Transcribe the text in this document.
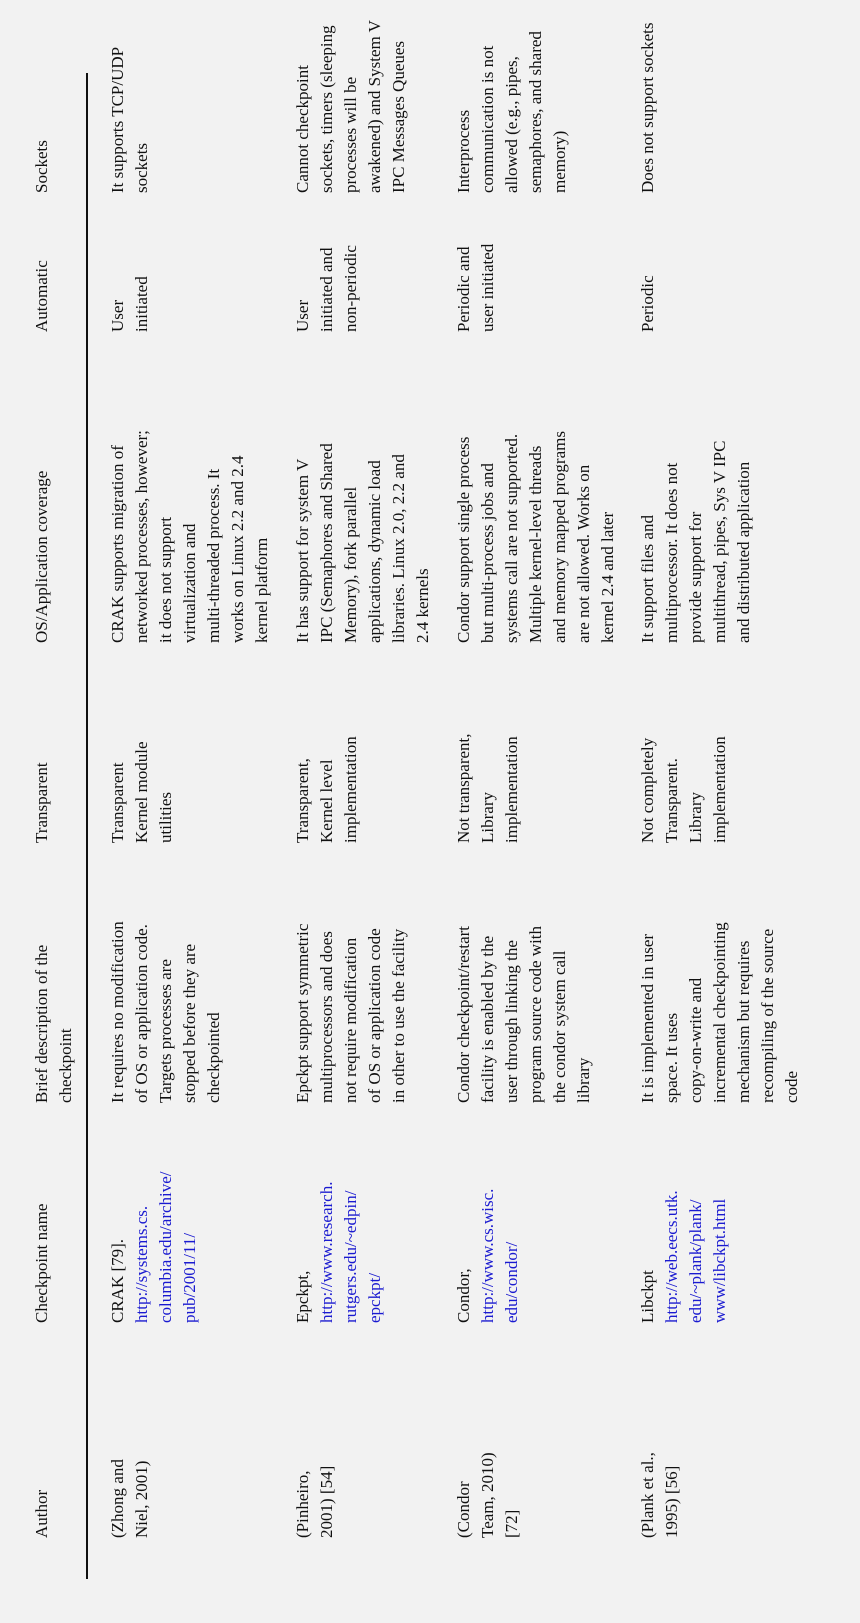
Author
Checkpoint name
Brief description of the checkpoint
Transparent
OS/Application coverage
Automatic
Sockets
(Zhong and Niel, 2001)
CRAK [79]. http://systems.cs. columbia.edu/archive/ pub/2001/11/
It requires no modification of OS or application code. Targets processes are stopped before they are checkpointed
Transparent Kernel module utilities
CRAK supports migration of networked processes, however; it does not support virtualization and multi-threaded process. It works on Linux 2.2 and 2.4 kernel platform
User initiated
It supports TCP/UDP sockets
(Pinheiro, 2001) [54]
Epckpt, http://www.research. rutgers.edu/~edpin/ epckpt/
Epckpt support symmetric multiprocessors and does not require modification of OS or application code in other to use the facility
Transparent, Kernel level implementation
It has support for system V IPC (Semaphores and Shared Memory), fork parallel applications, dynamic load libraries. Linux 2.0, 2.2 and 2.4 kernels
User initiated and non-periodic
Cannot checkpoint sockets, timers (sleeping processes will be awakened) and System V IPC Messages Queues
(Condor Team, 2010) [72]
Condor, http://www.cs.wisc. edu/condor/
Condor checkpoint/restart facility is enabled by the user through linking the program source code with the condor system call library
Not transparent, Library implementation
Condor support single process but multi-process jobs and systems call are not supported. Multiple kernel-level threads and memory mapped programs are not allowed. Works on kernel 2.4 and later
Periodic and user initiated
Interprocess communication is not allowed (e.g., pipes, semaphores, and shared memory)
(Plank et al., 1995) [56]
Libckpt http://web.eecs.utk. edu/~plank/plank/ www/libckpt.html
It is implemented in user space. It uses copy-on-write and incremental checkpointing mechanism but requires recompiling of the source code
Not completely Transparent. Library implementation
It support files and multiprocessor. It does not provide support for multithread, pipes, Sys V IPC and distributed application
Periodic
Does not support sockets
